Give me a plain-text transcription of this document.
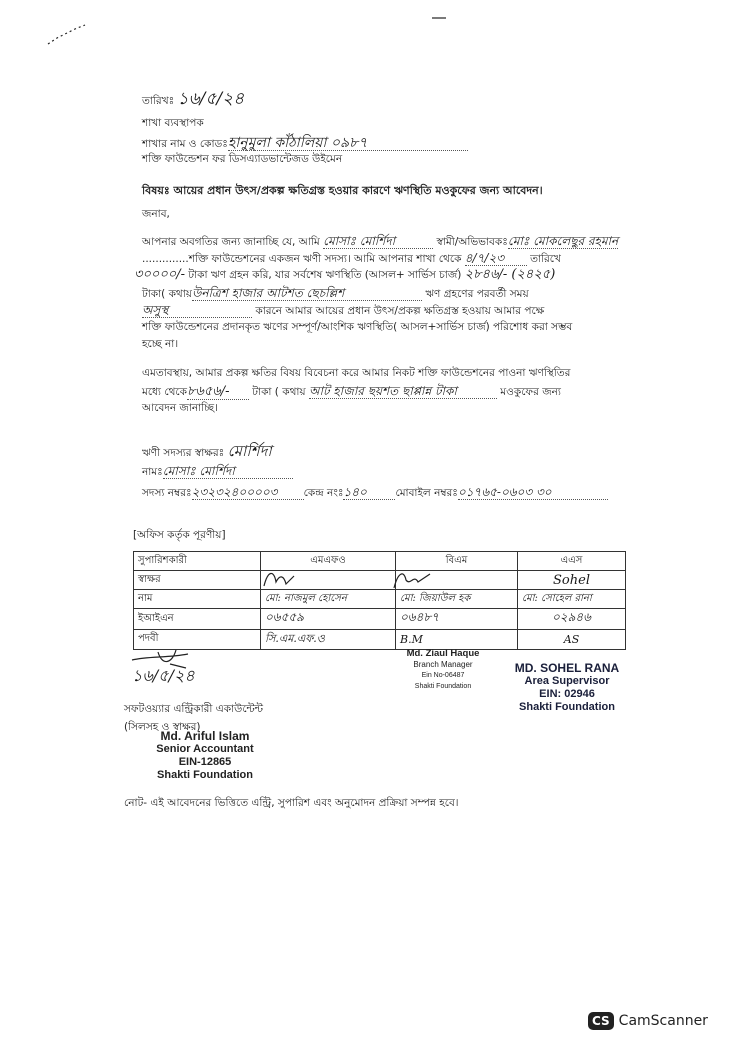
তারিখঃ ১৬/৫/২৪
শাখা ব্যবস্থাপক
শাখার নাম ও কোডঃহানুমুলা কাঁঠালিয়া ০৯৮৭
শক্তি ফাউন্ডেশন ফর ডিসএ্যাডভান্টেজড উইমেন
বিষয়ঃ আয়ের প্রধান উৎস/প্রকল্প ক্ষতিগ্রস্ত হওয়ার কারণে ঋণস্থিতি মওকুফের জন্য আবেদন।
জনাব,
আপনার অবগতির জন্য জানাচ্ছি যে, আমি মোসাঃ মোর্শিদা	স্বামী/অভিভাবকঃমোঃ মোকলেছুর রহমান
..............শক্তি ফাউন্ডেশনের একজন ঋণী সদস্য। আমি আপনার শাখা থেকে ৪/৭/২৩ তারিখে
৩০০০০/- টাকা ঋণ গ্রহন করি, যার সর্বশেষ ঋণস্থিতি (আসল+ সার্ভিস চার্জ) ২৮৪৬/- (২৪২৫)
টাকা( কথায়উনত্রিশ হাজার আটশত ছেচল্লিশ	ঋণ গ্রহণের পরবর্তী সময়
অসুস্থ	কারনে আমার আয়ের প্রধান উৎস/প্রকল্প ক্ষতিগ্রস্ত হওয়ায় আমার পক্ষে
শক্তি ফাউন্ডেশনের প্রদানকৃত ঋণের সম্পূর্ণ/আংশিক ঋণস্থিতি( আসল+সার্ভিস চার্জ) পরিশোধ করা সম্ভব
হচ্ছে না।
এমতাবস্থায়, আমার প্রকল্প ক্ষতির বিষয় বিবেচনা করে আমার নিকট শক্তি ফাউন্ডেশনের পাওনা ঋণস্থিতির
মধ্যে থেকে৮৬৫৬/- টাকা ( কথায় আট হাজার ছয়শত ছাপ্পান্ন টাকা	মওকুফের জন্য
আবেদন জানাচ্ছি।
ঋণী সদস্যর স্বাক্ষরঃ মোর্শিদা
নামঃমোসাঃ মোর্শিদা
সদস্য নম্বরঃ২৩২৩২৪০০০০৩ কেন্দ্র নংঃ১৪০	মোবাইল নম্বরঃ০১৭৬৫-০৬০৩ ৩০
[অফিস কর্তৃক পূরণীয়]
সুপারিশকারী	এমএফও	বিএম	এএস
স্বাক্ষর			Sohel
নাম	মো: নাজমুল হোসেন	মো: জিয়াউল হক	মো: সোহেল রানা
ইআইএন	০৬৫৫৯	০৬৪৮৭	০২৯৪৬
পদবী	সি.এম.এফ.ও	B.M	AS
১৬/৫/২৪
Md. Ziaul Haque
Branch Manager
Ein No-06487
Shakti Foundation
MD. SOHEL RANA
Area Supervisor
EIN: 02946
Shakti Foundation
সফটওয়্যার এন্ট্রিকারী একাউন্টেন্ট
(সিলসহ ও স্বাক্ষর)
Md. Ariful Islam
Senior Accountant
EIN-12865
Shakti Foundation
নোট- এই আবেদনের ভিত্তিতে এন্ট্রি, সুপারিশ এবং অনুমোদন প্রক্রিয়া সম্পন্ন হবে।
CS CamScanner
